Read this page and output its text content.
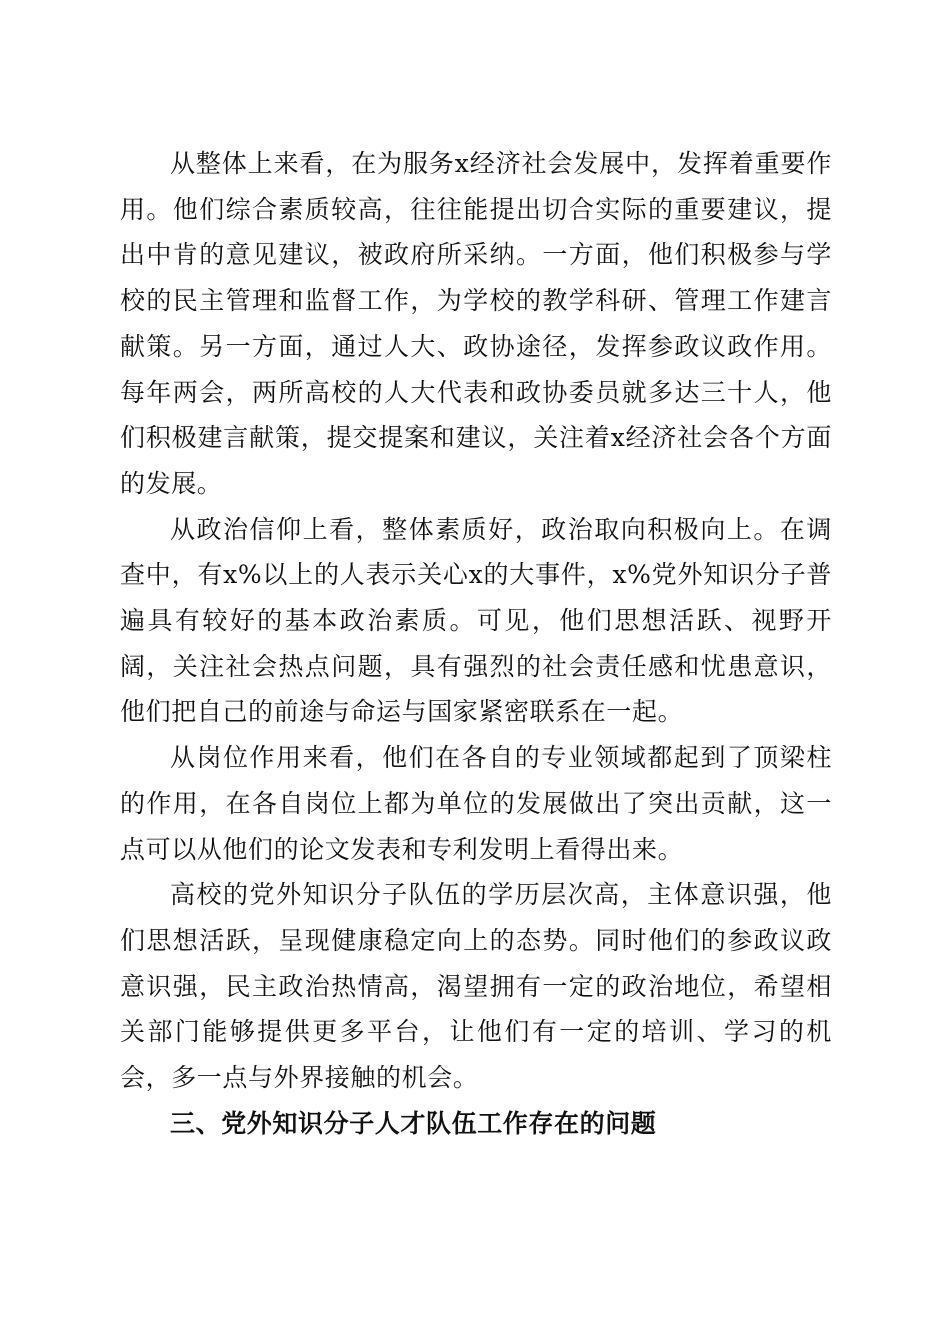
从整体上来看，在为服务x经济社会发展中，发挥着重要作用。他们综合素质较高，往往能提出切合实际的重要建议，提出中肯的意见建议，被政府所采纳。一方面，他们积极参与学校的民主管理和监督工作，为学校的教学科研、管理工作建言献策。另一方面，通过人大、政协途径，发挥参政议政作用。每年两会，两所高校的人大代表和政协委员就多达三十人，他们积极建言献策，提交提案和建议，关注着x经济社会各个方面的发展。

从政治信仰上看，整体素质好，政治取向积极向上。在调查中，有x%以上的人表示关心x的大事件，x%党外知识分子普遍具有较好的基本政治素质。可见，他们思想活跃、视野开阔，关注社会热点问题，具有强烈的社会责任感和忧患意识，他们把自己的前途与命运与国家紧密联系在一起。

从岗位作用来看，他们在各自的专业领域都起到了顶梁柱的作用，在各自岗位上都为单位的发展做出了突出贡献，这一点可以从他们的论文发表和专利发明上看得出来。

高校的党外知识分子队伍的学历层次高，主体意识强，他们思想活跃，呈现健康稳定向上的态势。同时他们的参政议政意识强，民主政治热情高，渴望拥有一定的政治地位，希望相关部门能够提供更多平台，让他们有一定的培训、学习的机会，多一点与外界接触的机会。

三、党外知识分子人才队伍工作存在的问题
